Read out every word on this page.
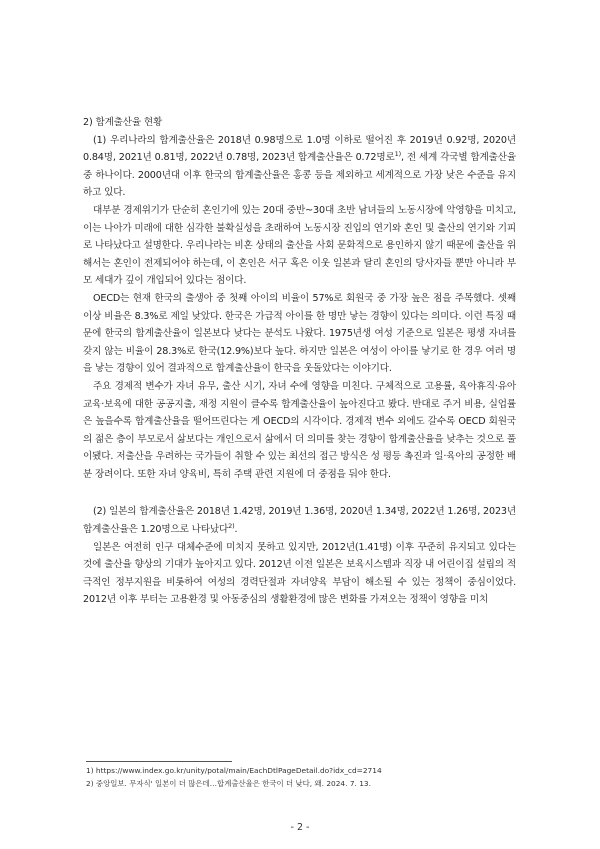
2) 합계출산율 현황

(1) 우리나라의 합계출산율은 2018년 0.98명으로 1.0명 이하로 떨어진 후 2019년 0.92명, 2020년 0.84명, 2021년 0.81명, 2022년 0.78명, 2023년 합계출산율은 0.72명로$^{1)}$, 전 세계 각국별 합계출산율 중 하나이다. 2000년대 이후 한국의 합계출산율은 홍콩 등을 제외하고 세계적으로 가장 낮은 수준을 유지하고 있다.

대부분 경제위기가 단순히 혼인기에 있는 20대 중반~30대 초반 남녀들의 노동시장에 악영향을 미치고, 이는 나아가 미래에 대한 심각한 불확실성을 초래하여 노동시장 진입의 연기와 혼인 및 출산의 연기와 기피로 나타났다고 설명한다. 우리나라는 비혼 상태의 출산을 사회 문화적으로 용인하지 않기 때문에 출산을 위해서는 혼인이 전제되어야 하는데, 이 혼인은 서구 혹은 이웃 일본과 달리 혼인의 당사자들 뿐만 아니라 부모 세대가 깊이 개입되어 있다는 점이다.

OECD는 현재 한국의 출생아 중 첫째 아이의 비율이 57%로 회원국 중 가장 높은 점을 주목했다. 셋째 이상 비율은 8.3%로 제일 낮았다. 한국은 가급적 아이를 한 명만 낳는 경향이 있다는 의미다. 이런 특징 때문에 한국의 합계출산율이 일본보다 낮다는 분석도 나왔다. 1975년생 여성 기준으로 일본은 평생 자녀를 갖지 않는 비율이 28.3%로 한국(12.9%)보다 높다. 하지만 일본은 여성이 아이를 낳기로 한 경우 여러 명을 낳는 경향이 있어 결과적으로 합계출산율이 한국을 웃돌았다는 이야기다.

주요 경제적 변수가 자녀 유무, 출산 시기, 자녀 수에 영향을 미친다. 구체적으로 고용률, 육아휴직·유아교육·보육에 대한 공공지출, 재정 지원이 클수록 합계출산율이 높아진다고 봤다. 반대로 주거 비용, 실업률은 높을수록 합계출산율을 떨어뜨린다는 게 OECD의 시각이다. 경제적 변수 외에도 갈수록 OECD 회원국의 젊은 층이 부모로서 삶보다는 개인으로서 삶에서 더 의미를 찾는 경향이 합계출산율을 낮추는 것으로 풀이됐다. 저출산을 우려하는 국가들이 취할 수 있는 최선의 접근 방식은 성 평등 촉진과 일·육아의 공정한 배분 장려이다. 또한 자녀 양육비, 특히 주택 관련 지원에 더 중점을 둬야 한다.

(2) 일본의 합계출산율은 2018년 1.42명, 2019년 1.36명, 2020년 1.34명, 2022년 1.26명, 2023년 합계출산율은 1.20명으로 나타났다$^{2)}$.

일본은 여전히 인구 대체수준에 미치지 못하고 있지만, 2012년(1.41명) 이후 꾸준히 유지되고 있다는 것에 출산율 향상의 기대가 높아지고 있다. 2012년 이전 일본은 보육시스템과 직장 내 어린이집 설립의 적극적인 정부지원을 비롯하여 여성의 경력단절과 자녀양육 부담이 해소될 수 있는 정책이 중심이었다. 2012년 이후 부터는 고용환경 및 아동중심의 생활환경에 많은 변화를 가져오는 정책이 영향을 미치

1) https://www.index.go.kr/unity/potal/main/EachDtlPageDetail.do?idx_cd=2714
2) 중앙일보. 무자식' 일본이 더 많은데…합계출산율은 한국이 더 낮다, 왜. 2024. 7. 13.
- 2 -
